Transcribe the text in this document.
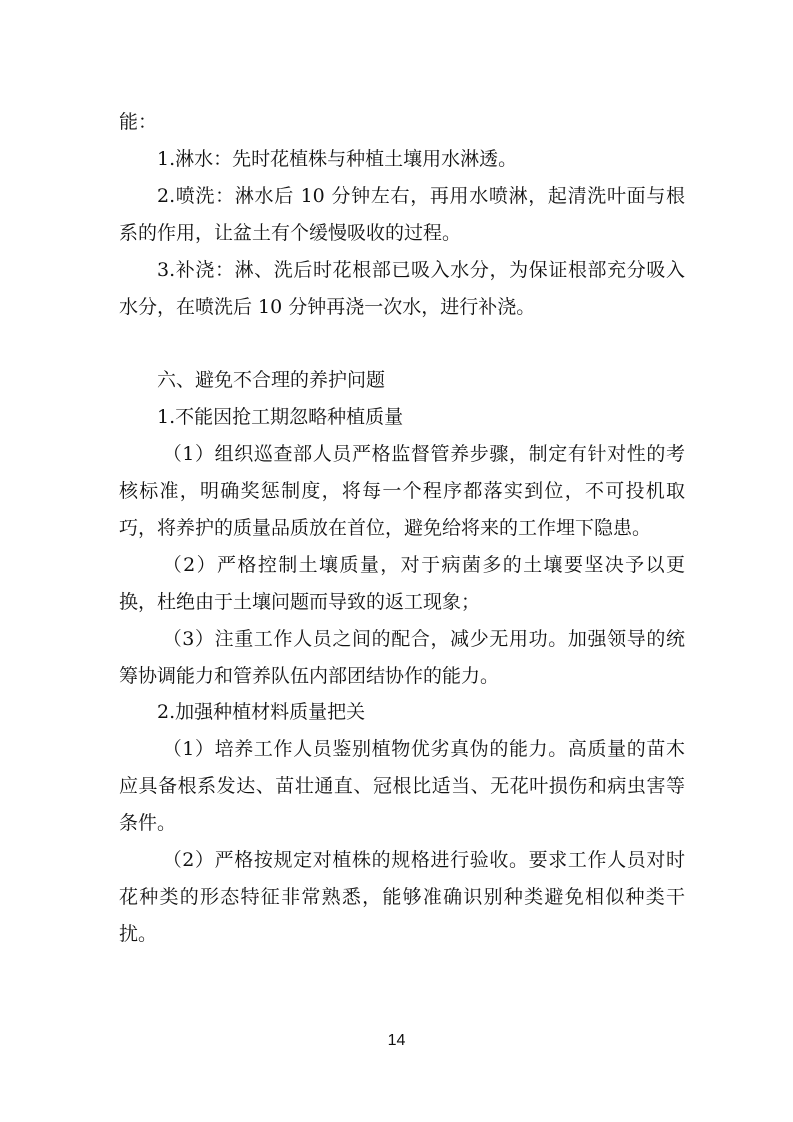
能：

1.淋水：先时花植株与种植土壤用水淋透。

2.喷洗：淋水后 10 分钟左右，再用水喷淋，起清洗叶面与根系的作用，让盆土有个缓慢吸收的过程。

3.补浇：淋、洗后时花根部已吸入水分，为保证根部充分吸入水分，在喷洗后 10 分钟再浇一次水，进行补浇。

六、避免不合理的养护问题

1.不能因抢工期忽略种植质量

（1）组织巡查部人员严格监督管养步骤，制定有针对性的考核标准，明确奖惩制度，将每一个程序都落实到位，不可投机取巧，将养护的质量品质放在首位，避免给将来的工作埋下隐患。

（2）严格控制土壤质量，对于病菌多的土壤要坚决予以更换，杜绝由于土壤问题而导致的返工现象；

（3）注重工作人员之间的配合，减少无用功。加强领导的统筹协调能力和管养队伍内部团结协作的能力。

2.加强种植材料质量把关

（1）培养工作人员鉴别植物优劣真伪的能力。高质量的苗木应具备根系发达、苗壮通直、冠根比适当、无花叶损伤和病虫害等条件。

（2）严格按规定对植株的规格进行验收。要求工作人员对时花种类的形态特征非常熟悉，能够准确识别种类避免相似种类干扰。

14
